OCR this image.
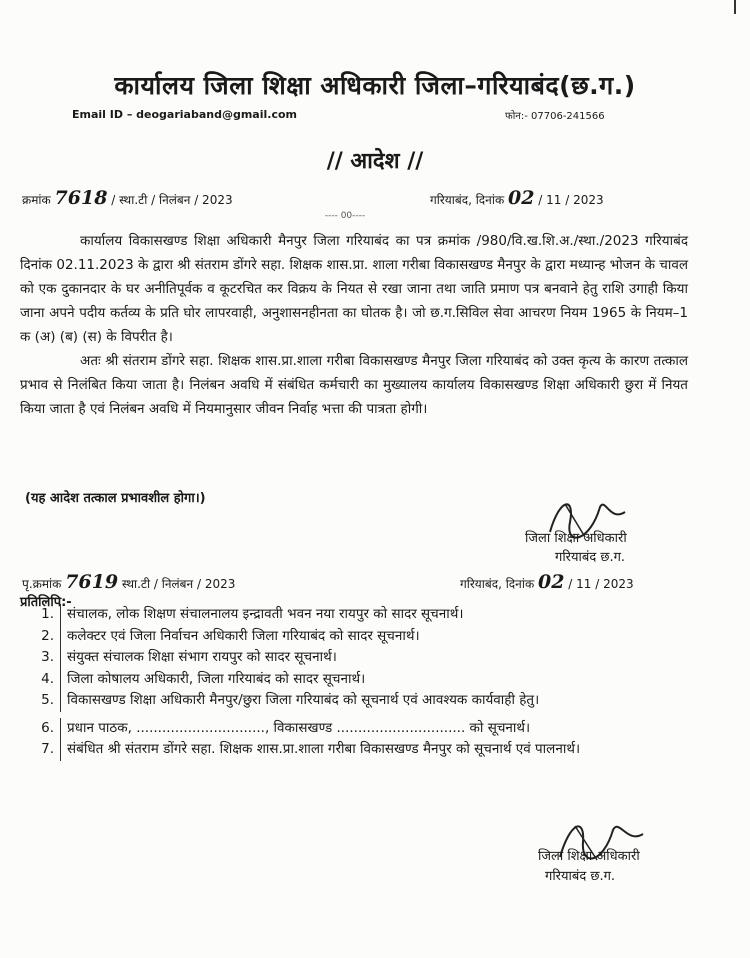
कार्यालय जिला शिक्षा अधिकारी जिला–गरियाबंद(छ.ग.)
Email ID – deogariaband@gmail.com	फोन:- 07706-241566
// आदेश //
क्रमांक 7618 / स्था.टी / निलंबन / 2023	गरियाबंद, दिनांक 02 / 11 / 2023
---- 00----

कार्यालय विकासखण्ड शिक्षा अधिकारी मैनपुर जिला गरियाबंद का पत्र क्रमांक /980/वि.ख.शि.अ./स्था./2023 गरियाबंद दिनांक 02.11.2023 के द्वारा श्री संतराम डोंगरे सहा. शिक्षक शास.प्रा. शाला गरीबा विकासखण्ड मैनपुर के द्वारा मध्यान्ह भोजन के चावल को एक दुकानदार के घर अनीतिपूर्वक व कूटरचित कर विक्रय के नियत से रखा जाना तथा जाति प्रमाण पत्र बनवाने हेतु राशि उगाही किया जाना अपने पदीय कर्तव्य के प्रति घोर लापरवाही, अनुशासनहीनता का घोतक है। जो छ.ग.सिविल सेवा आचरण नियम 1965 के नियम–1 क (अ) (ब) (स) के विपरीत है।

अतः श्री संतराम डोंगरे सहा. शिक्षक शास.प्रा.शाला गरीबा विकासखण्ड मैनपुर जिला गरियाबंद को उक्त कृत्य के कारण तत्काल प्रभाव से निलंबित किया जाता है। निलंबन अवधि में संबंधित कर्मचारी का मुख्यालय कार्यालय विकासखण्ड शिक्षा अधिकारी छुरा में नियत किया जाता है एवं निलंबन अवधि में नियमानुसार जीवन निर्वाह भत्ता की पात्रता होगी।

(यह आदेश तत्काल प्रभावशील होगा।)
जिला शिक्षा अधिकारी
गरियाबंद छ.ग.
पृ.क्रमांक 7619 स्था.टी / निलंबन / 2023	गरियाबंद, दिनांक 02 / 11 / 2023
प्रतिलिपि:-
1. संचालक, लोक शिक्षण संचालनालय इन्द्रावती भवन नया रायपुर को सादर सूचनार्थ।
2. कलेक्टर एवं जिला निर्वाचन अधिकारी जिला गरियाबंद को सादर सूचनार्थ।
3. संयुक्त संचालक शिक्षा संभाग रायपुर को सादर सूचनार्थ।
4. जिला कोषालय अधिकारी, जिला गरियाबंद को सादर सूचनार्थ।
5. विकासखण्ड शिक्षा अधिकारी मैनपुर/छुरा जिला गरियाबंद को सूचनार्थ एवं आवश्यक कार्यवाही हेतु।
6. प्रधान पाठक, .............................., विकासखण्ड .............................. को सूचनार्थ।
7. संबंधित श्री संतराम डोंगरे सहा. शिक्षक शास.प्रा.शाला गरीबा विकासखण्ड मैनपुर को सूचनार्थ एवं पालनार्थ।
जिला शिक्षा अधिकारी
गरियाबंद छ.ग.
